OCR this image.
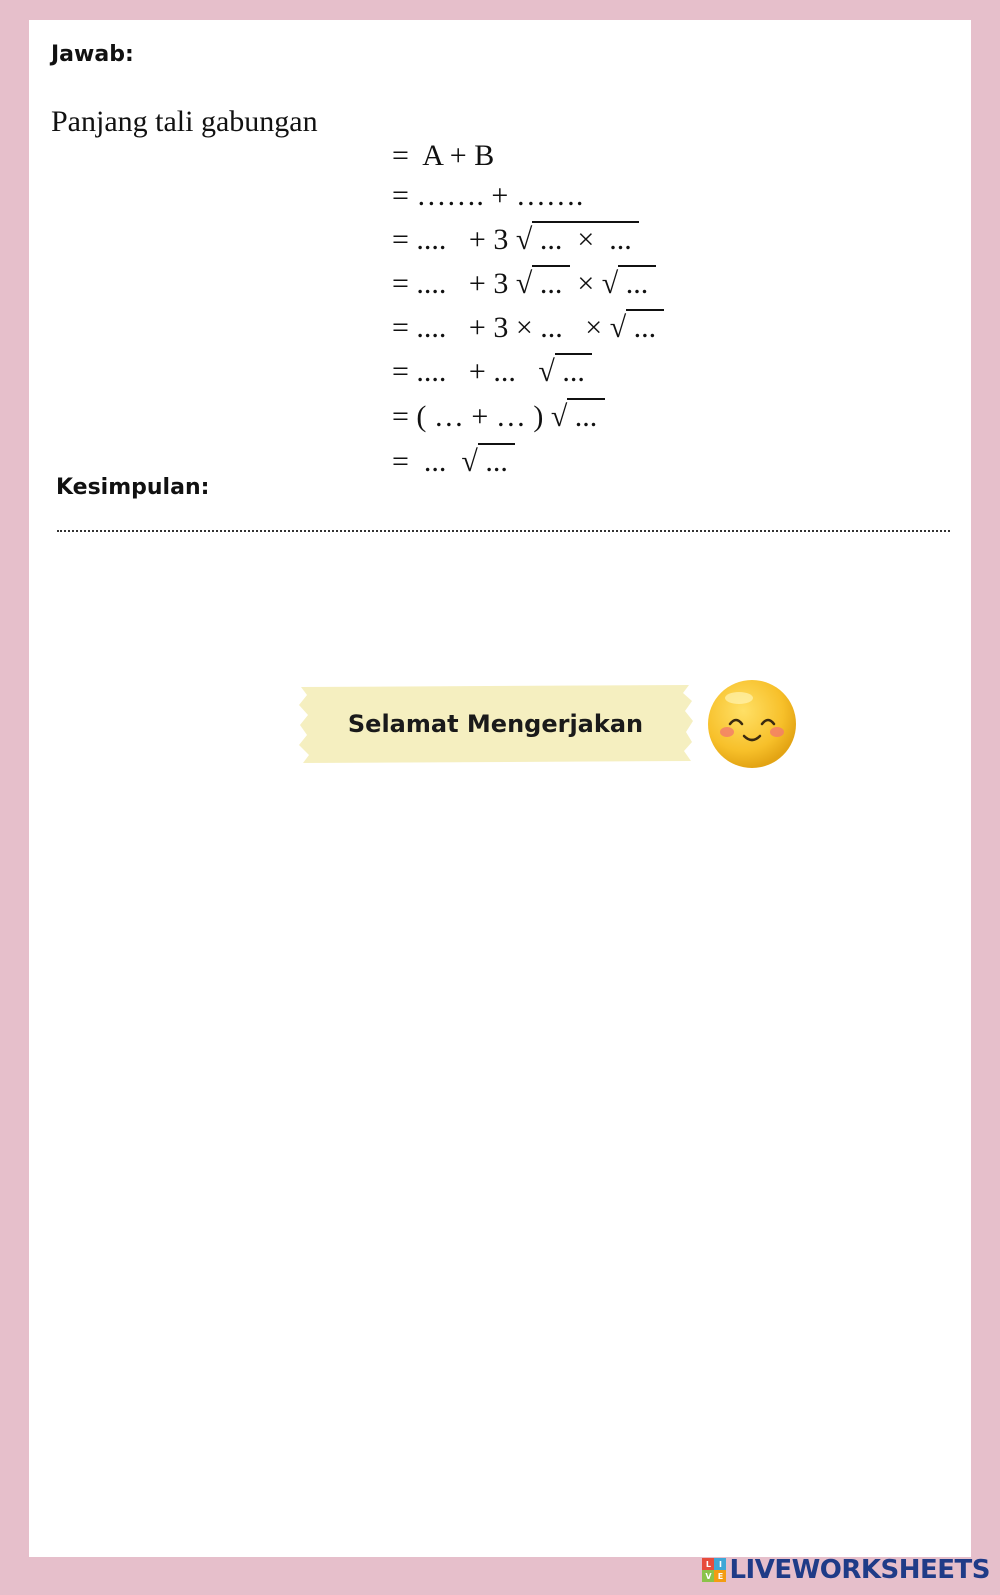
Jawab:
Panjang tali gabungan

=  A + B

= ……. + …….

= ....   + 3 √ ...  ×  ...

= ....   + 3 √ ...  × √ ...

= ....   + 3 × ...   × √ ...

= ....   + ...   √ ...

= ( … + … ) √ ...

=  ...  √ ...

Kesimpulan:
Selamat Mengerjakan
L I
V E LIVEWORKSHEETS
